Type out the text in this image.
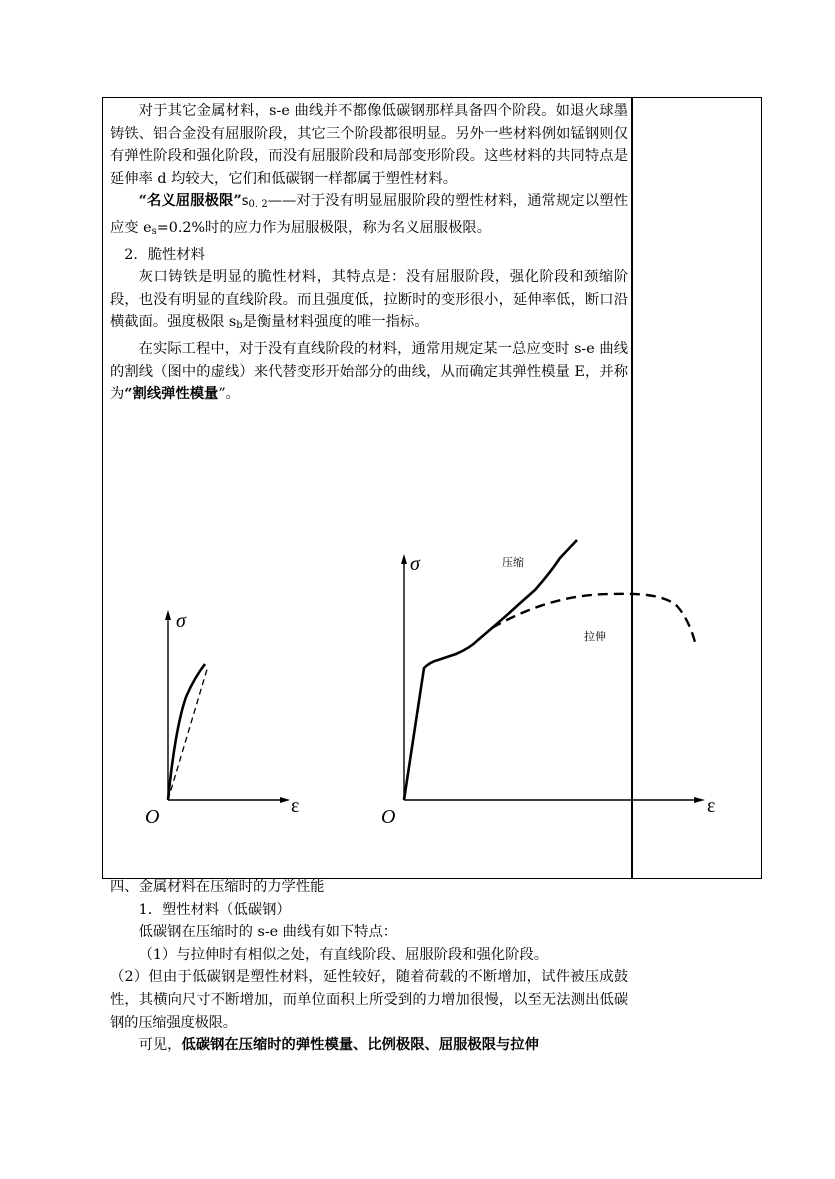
对于其它金属材料，s-e 曲线并不都像低碳钢那样具备四个阶段。如退火球墨铸铁、铝合金没有屈服阶段，其它三个阶段都很明显。另外一些材料例如锰钢则仅有弹性阶段和强化阶段，而没有屈服阶段和局部变形阶段。这些材料的共同特点是延伸率 d 均较大，它们和低碳钢一样都属于塑性材料。

“名义屈服极限$”s_{0. 2}——$对于没有明显屈服阶段的塑性材料，通常规定以塑性应变 $e_s=0.2\%$时的应力作为屈服极限，称为名义屈服极限。

2．脆性材料

灰口铸铁是明显的脆性材料，其特点是：没有屈服阶段，强化阶段和颈缩阶段，也没有明显的直线阶段。而且强度低，拉断时的变形很小，延伸率低，断口沿横截面。强度极限 $s_b$是衡量材料强度的唯一指标。

在实际工程中，对于没有直线阶段的材料，通常用规定某一总应变时 s-e 曲线的割线（图中的虚线）来代替变形开始部分的曲线，从而确定其弹性模量 E，并称为“割线弹性模量”。

σ
ε
O
σ
ε
O
压缩
拉伸

四、金属材料在压缩时的力学性能

1．塑性材料（低碳钢）

低碳钢在压缩时的 s-e 曲线有如下特点：

（1）与拉伸时有相似之处，有直线阶段、屈服阶段和强化阶段。

（2）但由于低碳钢是塑性材料，延性较好，随着荷载的不断增加，试件被压成鼓性，其横向尺寸不断增加，而单位面积上所受到的力增加很慢，以至无法测出低碳钢的压缩强度极限。

可见，低碳钢在压缩时的弹性模量、比例极限、屈服极限与拉伸
